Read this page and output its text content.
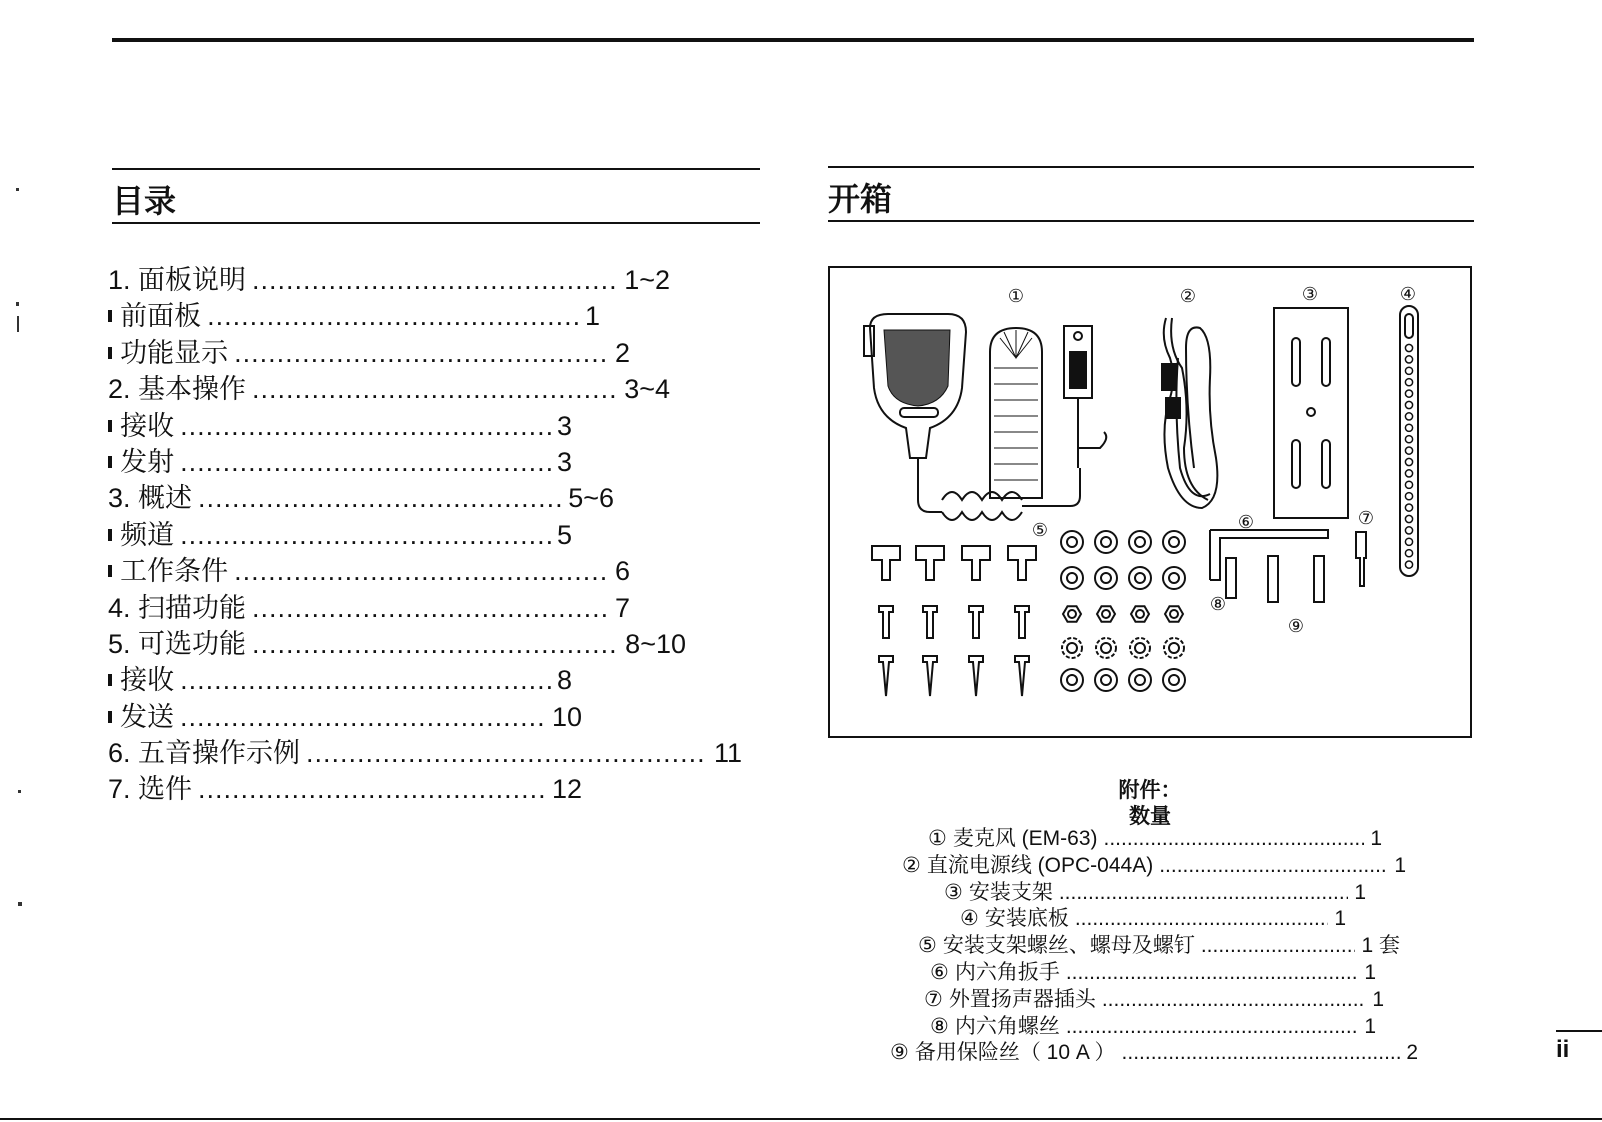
目录
1. 面板说明 .....	1~2
前面板 .....	1
功能显示 .....	2
2. 基本操作 .....	3~4
接收 .....	3
发射 .....	3
3. 概述 .....	5~6
频道 .....	5
工作条件 .....	6
4. 扫描功能 .....	7
5. 可选功能 .....	8~10
接收 .....	8
发送 .....	10
6. 五音操作示例 .....	11
7. 选件 .....	12
开箱
①	②	③	④
⑤	⑥	⑦
⑧
⑨
附件：
数量
① 麦克风 (EM-63) .....	1
② 直流电源线 (OPC-044A) .....	1
③ 安装支架 .....	1
④ 安装底板 .....	1
⑤ 安装支架螺丝、螺母及螺钉 .....	1 套
⑥ 内六角扳手 .....	1
⑦ 外置扬声器插头 .....	1
⑧ 内六角螺丝 .....	1
⑨ 备用保险丝（ 10 A ） .....	2	ii
